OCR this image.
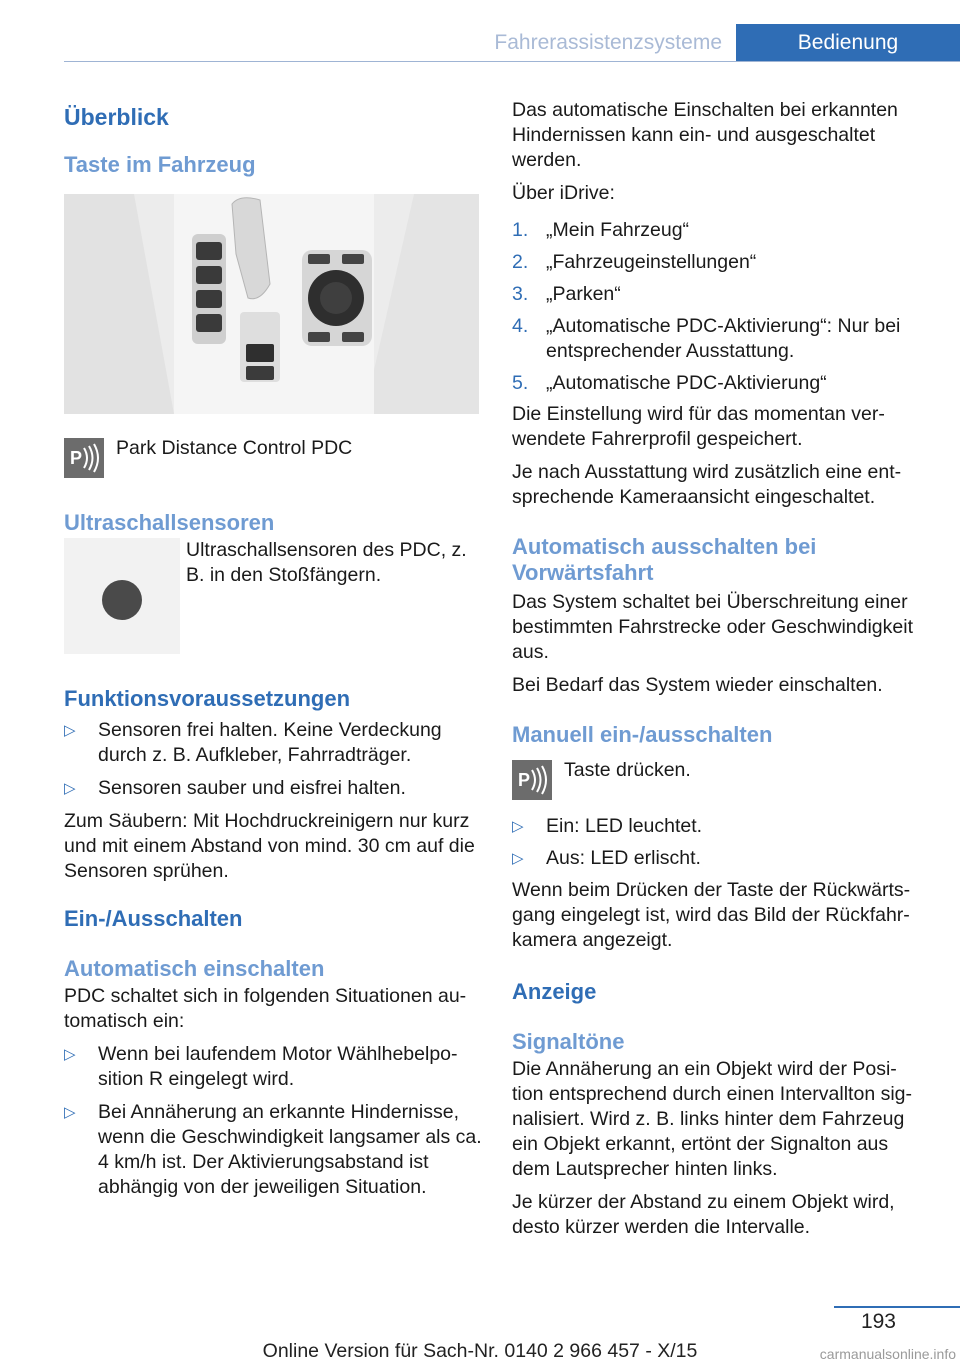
Fahrerassistenzsysteme	Bedienung
Überblick
Taste im Fahrzeug
P Park Distance Control PDC

Ultraschallsensoren

Ultraschallsensoren des PDC, z. B. in den Stoßfängern.

Funktionsvoraussetzungen
▷ Sensoren frei halten. Keine Verdeckung durch z. B. Aufkleber, Fahrradträger.
▷ Sensoren sauber und eisfrei halten.

Zum Säubern: Mit Hochdruckreinigern nur kurz und mit einem Abstand von mind. 30 cm auf die Sensoren sprühen.

Ein-/Ausschalten
Automatisch einschalten

PDC schaltet sich in folgenden Situationen au- tomatisch ein:

▷ Wenn bei laufendem Motor Wählhebelpo- sition R eingelegt wird.
▷ Bei Annäherung an erkannte Hindernisse, wenn die Geschwindigkeit langsamer als ca. 4 km/h ist. Der Aktivierungsabstand ist abhängig von der jeweiligen Situation.

Das automatische Einschalten bei erkannten Hindernissen kann ein- und ausgeschaltet werden.

Über iDrive:

1. „Mein Fahrzeug“
2. „Fahrzeugeinstellungen“
3. „Parken“
4. „Automatische PDC-Aktivierung“: Nur bei entsprechender Ausstattung.
5. „Automatische PDC-Aktivierung“

Die Einstellung wird für das momentan ver- wendete Fahrerprofil gespeichert.

Je nach Ausstattung wird zusätzlich eine ent- sprechende Kameraansicht eingeschaltet.

Automatisch ausschalten bei Vorwärtsfahrt

Das System schaltet bei Überschreitung einer bestimmten Fahrstrecke oder Geschwindigkeit aus.

Bei Bedarf das System wieder einschalten.

Manuell ein-/ausschalten
P Taste drücken.

▷ Ein: LED leuchtet.
▷ Aus: LED erlischt.

Wenn beim Drücken der Taste der Rückwärts- gang eingelegt ist, wird das Bild der Rückfahr- kamera angezeigt.

Anzeige
Signaltöne

Die Annäherung an ein Objekt wird der Posi- tion entsprechend durch einen Intervallton sig- nalisiert. Wird z. B. links hinter dem Fahrzeug ein Objekt erkannt, ertönt der Signalton aus dem Lautsprecher hinten links.

Je kürzer der Abstand zu einem Objekt wird, desto kürzer werden die Intervalle.

193
Online Version für Sach-Nr. 0140 2 966 457 - X/15	carmanualsonline.info
